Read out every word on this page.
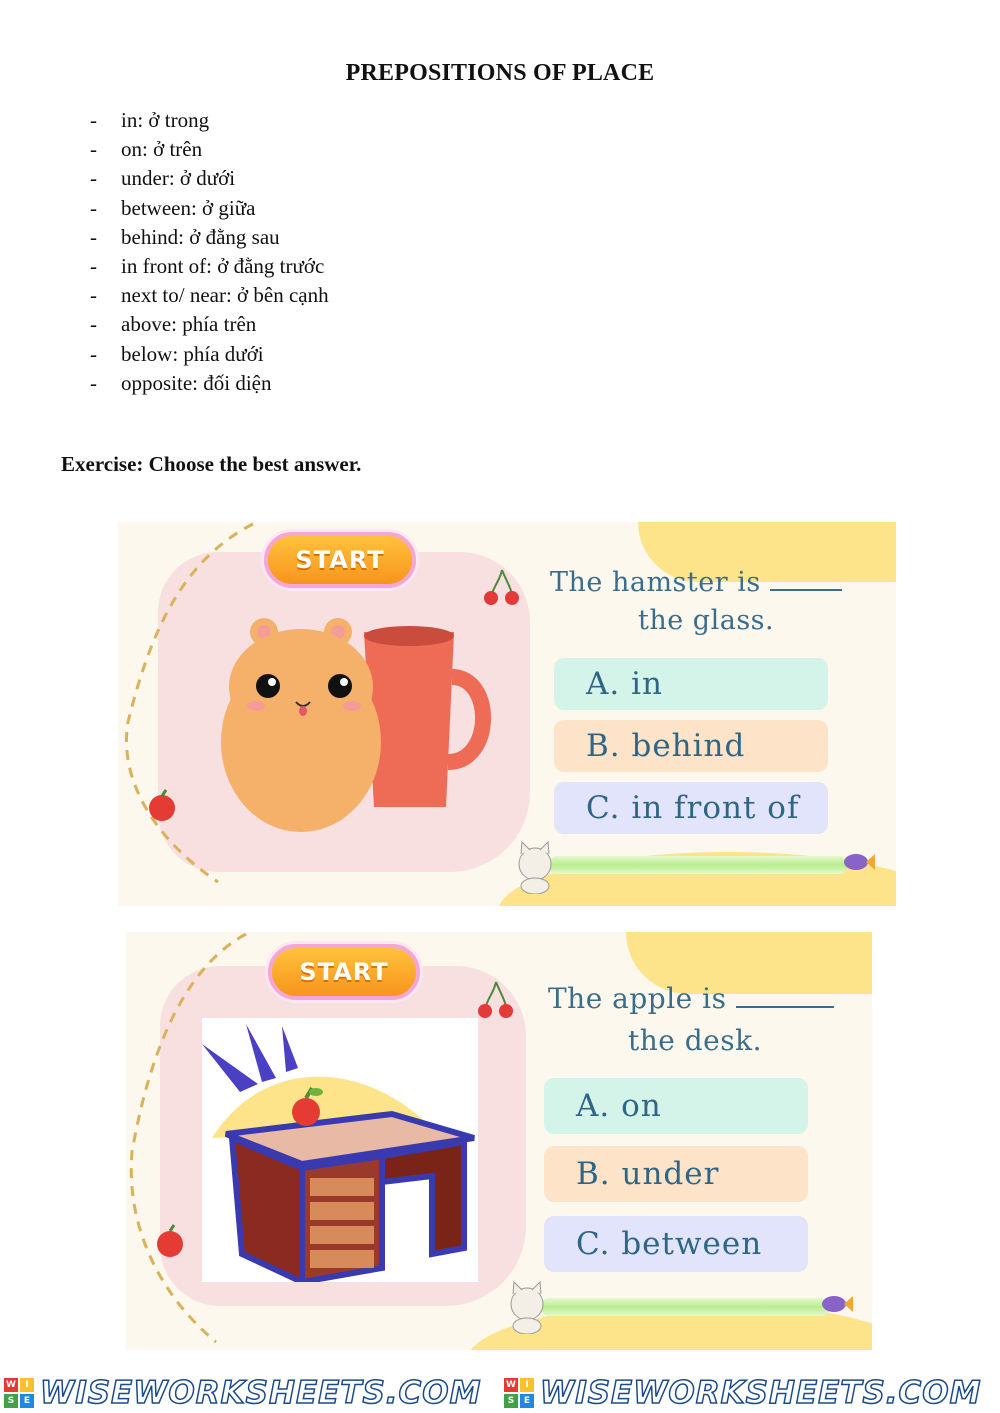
PREPOSITIONS OF PLACE
-	in: ở trong
-	on: ở trên
-	under: ở dưới
-	between: ở giữa
-	behind: ở đằng sau
-	in front of: ở đằng trước
-	next to/ near: ở bên cạnh
-	above: phía trên
-	below: phía dưới
-	opposite: đối diện
Exercise: Choose the best answer.
START
The hamster is
the glass.
A. in
B. behind
C. in front of
START
The apple is
the desk.
A. on
B. under
C. between
W	I
S	E WISEWORKSHEETS.COM	W	I
S	E WISEWORKSHEETS.COM
